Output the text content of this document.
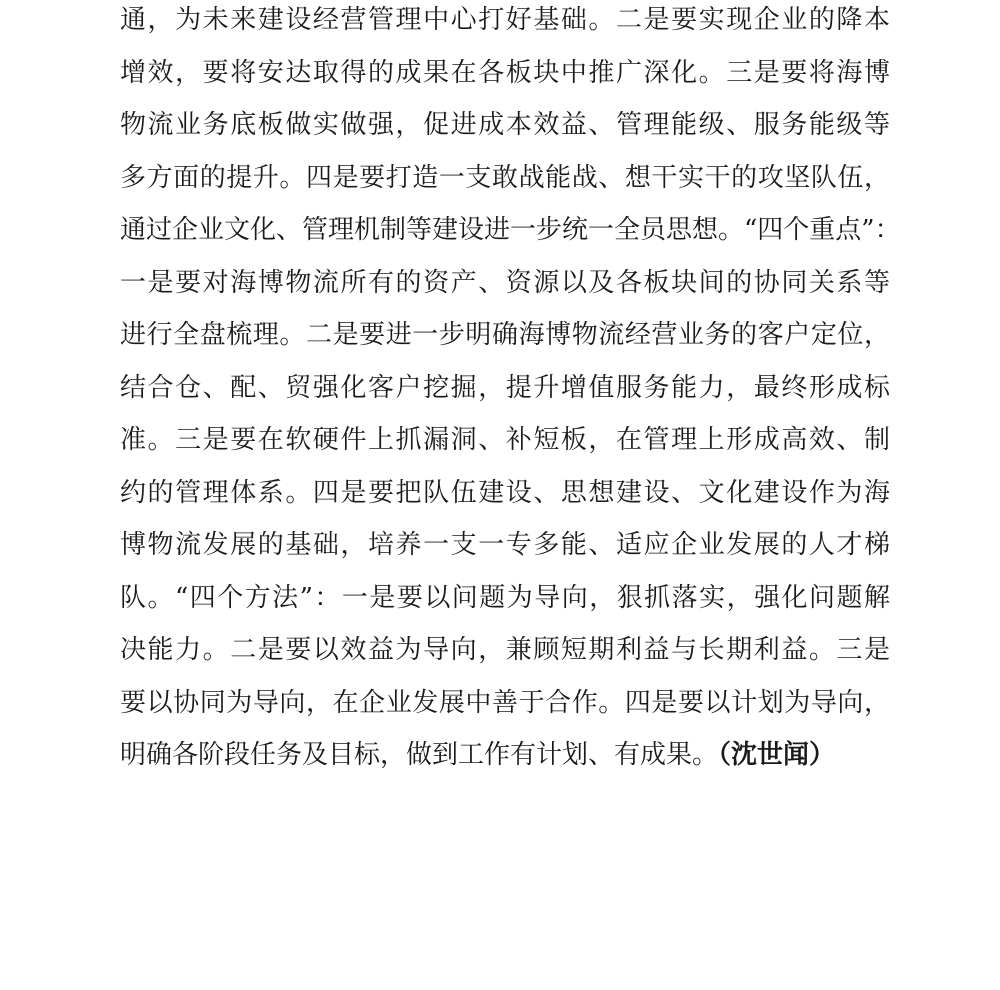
通，为未来建设经营管理中心打好基础。二是要实现企业的降本
增效，要将安达取得的成果在各板块中推广深化。三是要将海博
物流业务底板做实做强，促进成本效益、管理能级、服务能级等
多方面的提升。四是要打造一支敢战能战、想干实干的攻坚队伍，
通过企业文化、管理机制等建设进一步统一全员思想。“四个重点”：
一是要对海博物流所有的资产、资源以及各板块间的协同关系等
进行全盘梳理。二是要进一步明确海博物流经营业务的客户定位，
结合仓、配、贸强化客户挖掘，提升增值服务能力，最终形成标
准。三是要在软硬件上抓漏洞、补短板，在管理上形成高效、制
约的管理体系。四是要把队伍建设、思想建设、文化建设作为海
博物流发展的基础，培养一支一专多能、适应企业发展的人才梯
队。“四个方法”：一是要以问题为导向，狠抓落实，强化问题解
决能力。二是要以效益为导向，兼顾短期利益与长期利益。三是
要以协同为导向，在企业发展中善于合作。四是要以计划为导向，
明确各阶段任务及目标，做到工作有计划、有成果。（沈世闻）
